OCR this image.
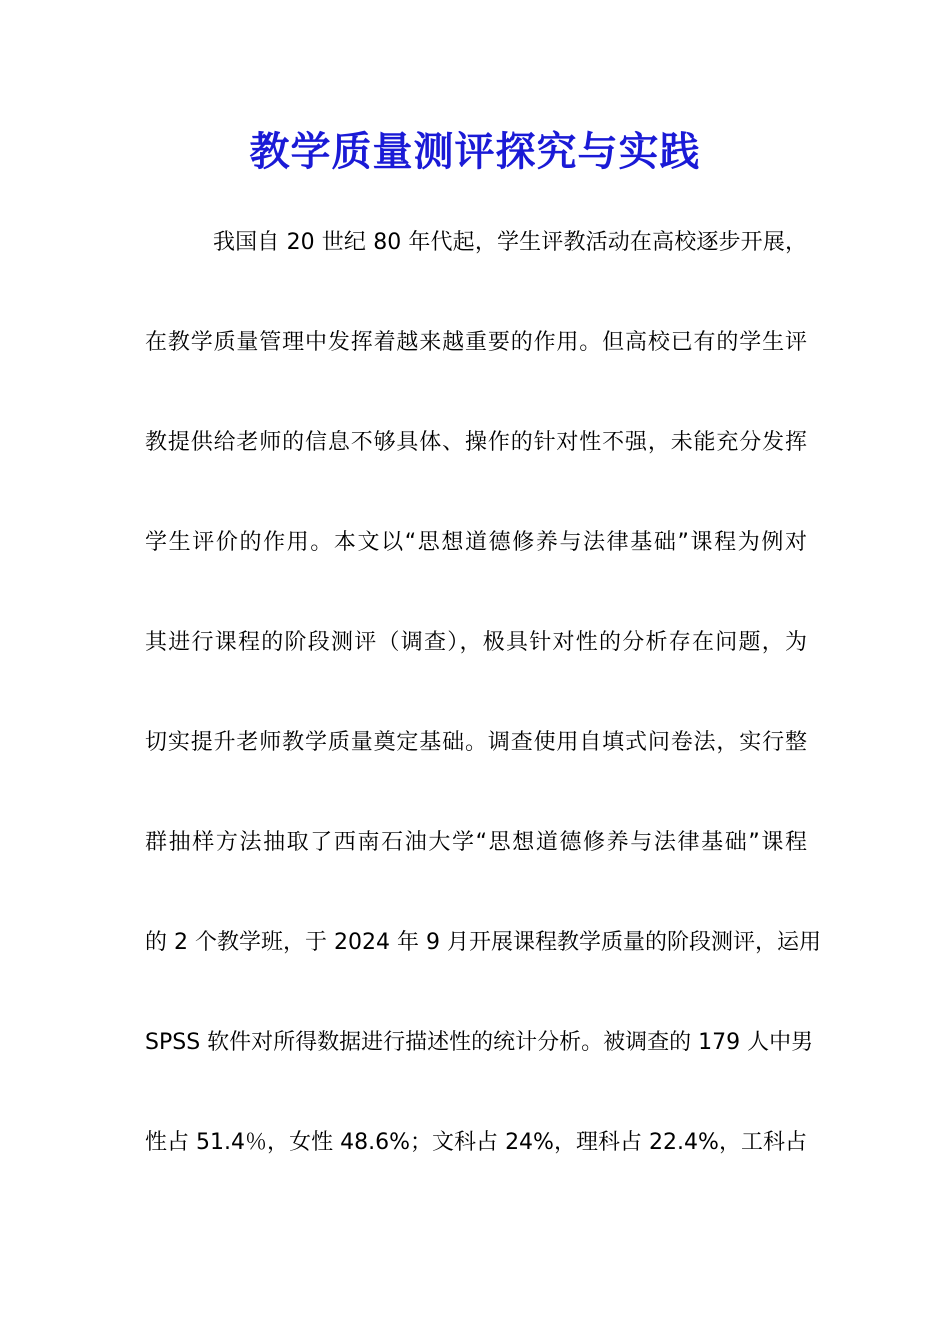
教学质量测评探究与实践
我国自 20 世纪 80 年代起，学生评教活动在高校逐步开展，
在教学质量管理中发挥着越来越重要的作用。但高校已有的学生评
教提供给老师的信息不够具体、操作的针对性不强，未能充分发挥
学生评价的作用。本文以“思想道德修养与法律基础”课程为例对
其进行课程的阶段测评（调查），极具针对性的分析存在问题，为
切实提升老师教学质量奠定基础。调查使用自填式问卷法，实行整
群抽样方法抽取了西南石油大学“思想道德修养与法律基础”课程
的 2 个教学班，于 2024 年 9 月开展课程教学质量的阶段测评，运用
SPSS 软件对所得数据进行描述性的统计分析。被调查的 179 人中男
性占 51.4％，女性 48.6%；文科占 24%，理科占 22.4%，工科占
